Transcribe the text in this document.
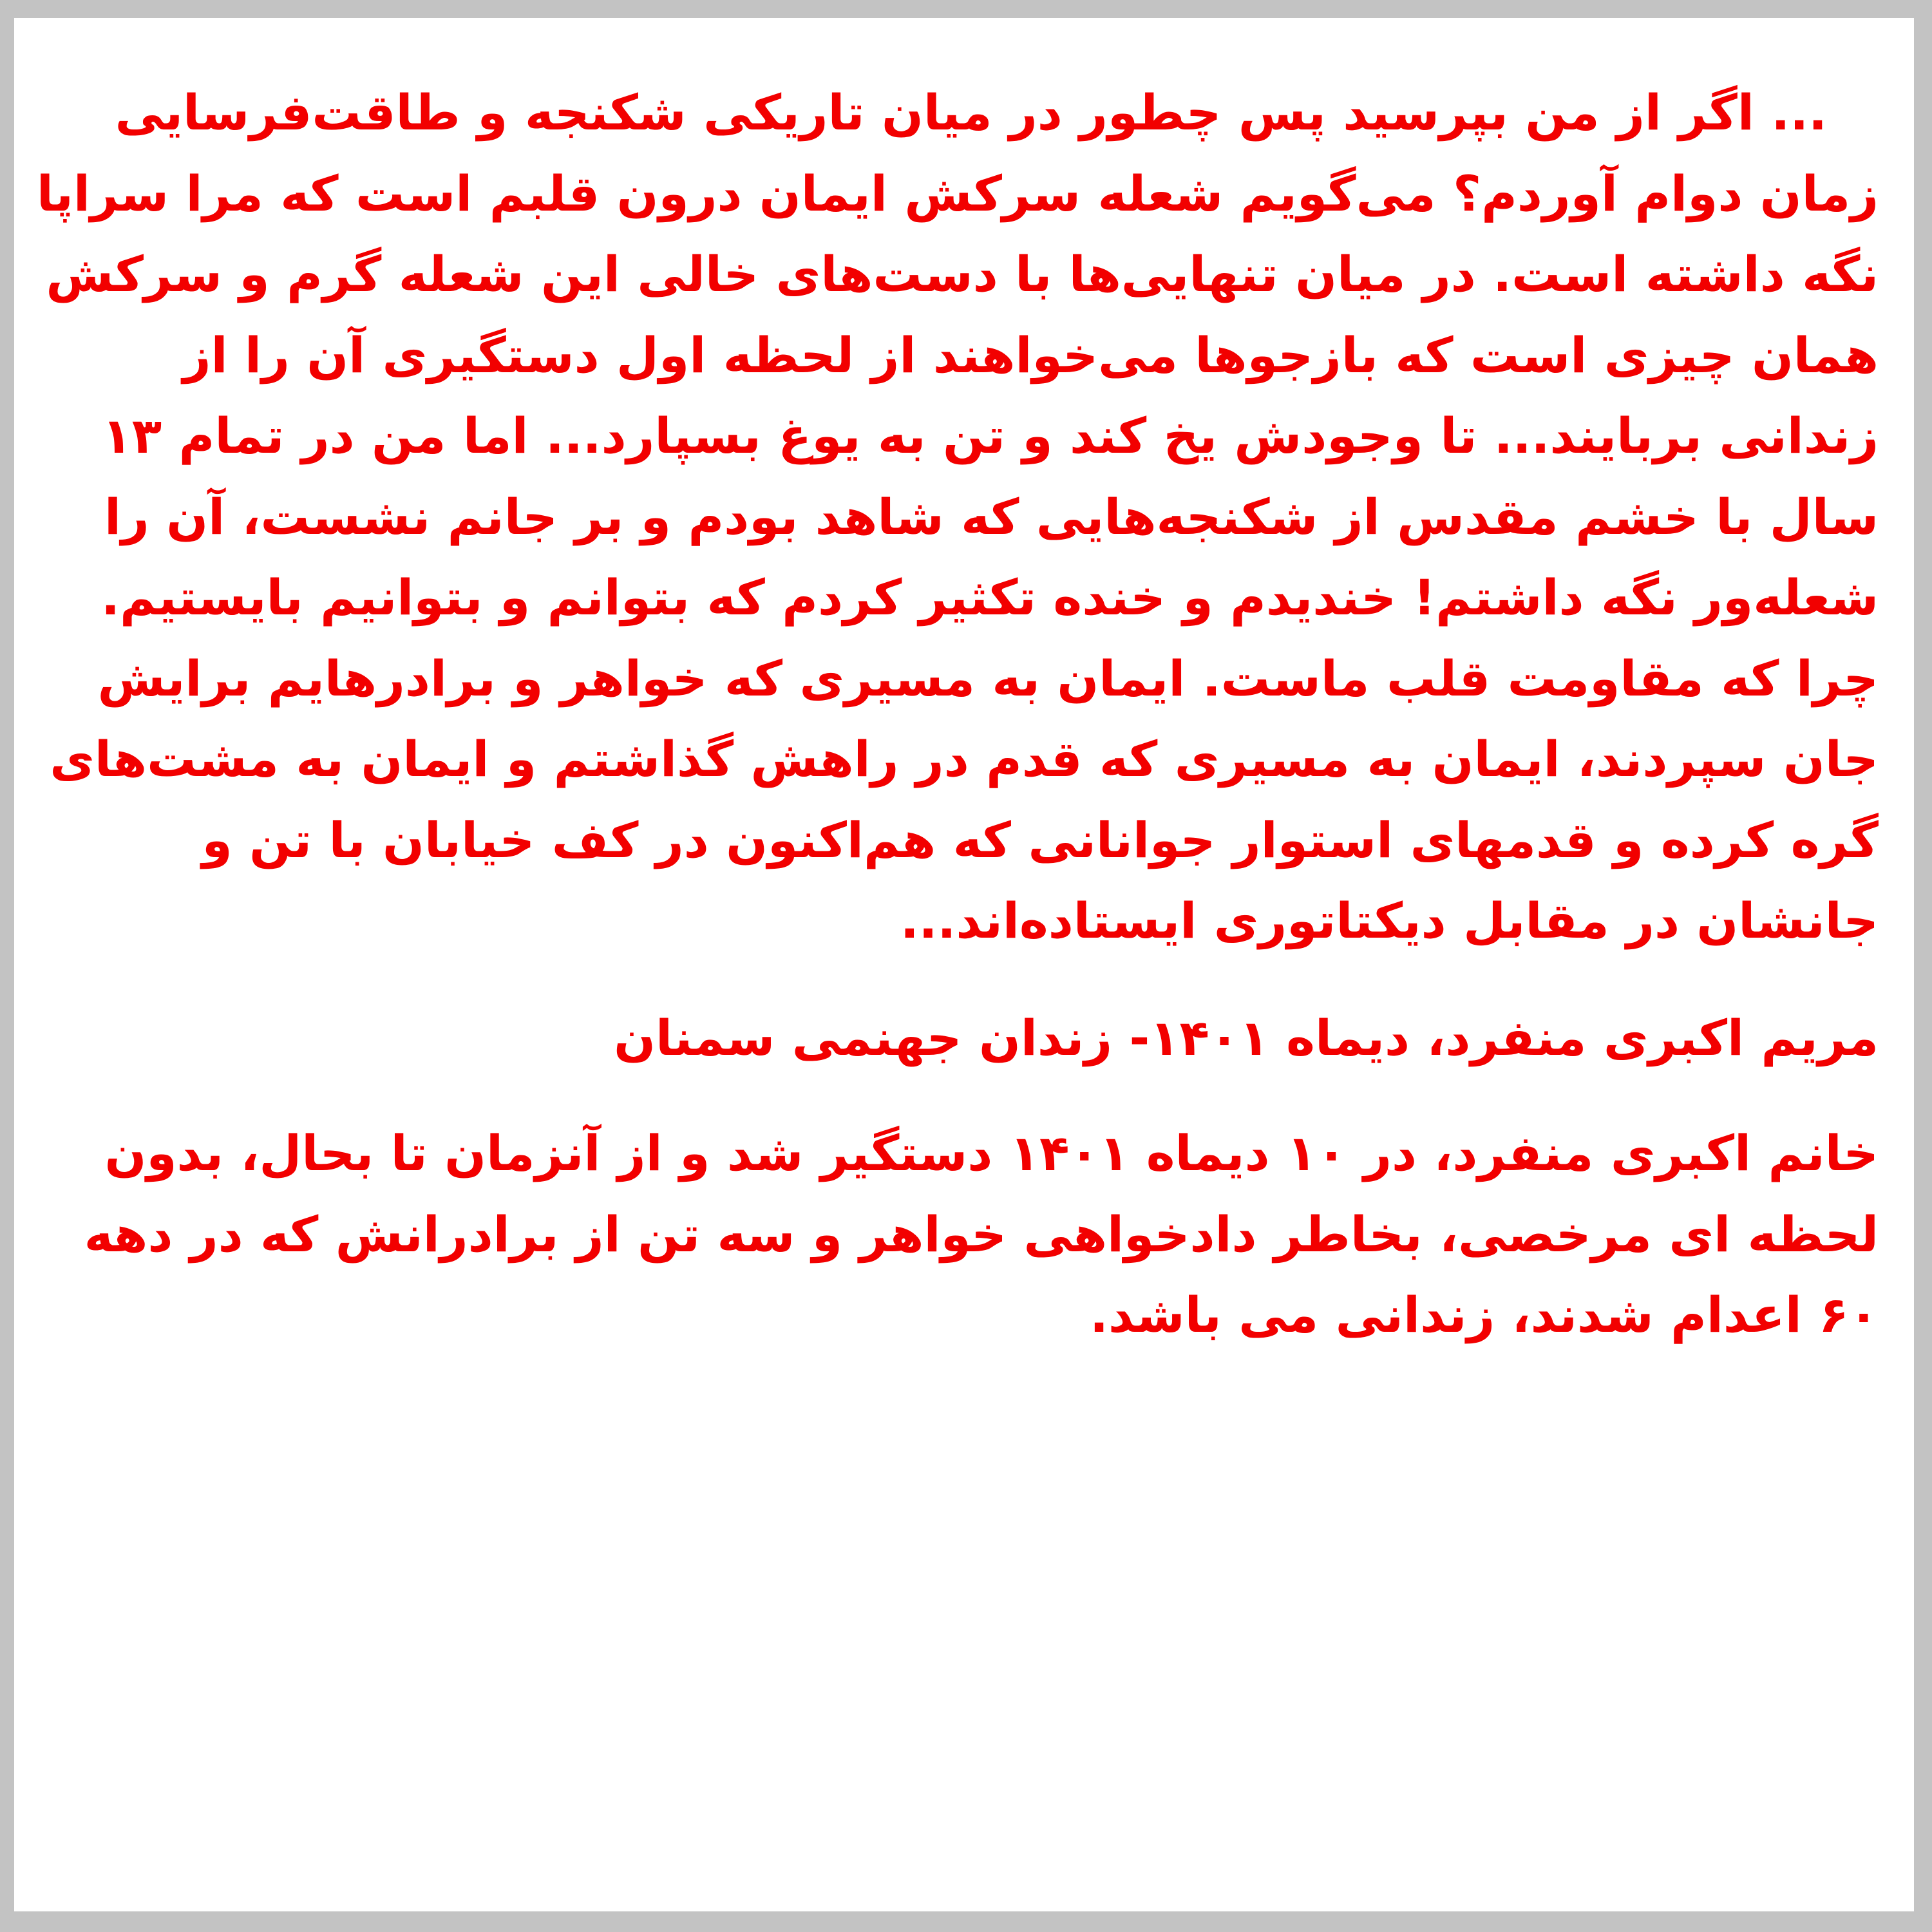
... اگر از من بپرسید پس چطور در میان تاریکی شکنجه و طاقت‌فرسایی زمان دوام آوردم؟ می‌گویم شعله سرکش ایمان درون قلبم است که مرا سراپا نگه داشته است. در میان تنهایی‌ها با دست‌های خالی این شعله گرم و سرکش همان چیزی است که بازجوها می‌خواهند از لحظه اول دستگیری آن را از زندانی بربایند... تا وجودش یخ کند و تن به یوغ بسپارد... اما من در تمام ۱۳ سال با خشم مقدس از شکنجه‌هایی که شاهد بودم و بر جانم نشست، آن را شعله‌ور نگه داشتم! خندیدم و خنده تکثیر کردم که بتوانم و بتوانیم بایستیم. چرا که مقاومت قلب ماست. ایمان به مسیری که خواهر و برادرهایم برایش جان سپردند، ایمان به مسیری که قدم در راهش گذاشتم و ایمان به مشت‌های گره کرده و قدمهای استوار جوانانی که هم‌اکنون در کف خیابان با تن و جانشان در مقابل دیکتاتوری ایستاده‌اند...

مریم اکبری منفرد، دیماه ۱۴۰۱- زندان جهنمی سمنان

خانم اکبری منفرد، در ۱۰ دیماه ۱۴۰۱ دستگیر شد و از آنزمان تا بحال، بدون لحظه ای مرخصی، بخاطر دادخواهی خواهر و سه تن از برادرانش که در دهه ۶۰ اعدام شدند، زندانی می باشد.
